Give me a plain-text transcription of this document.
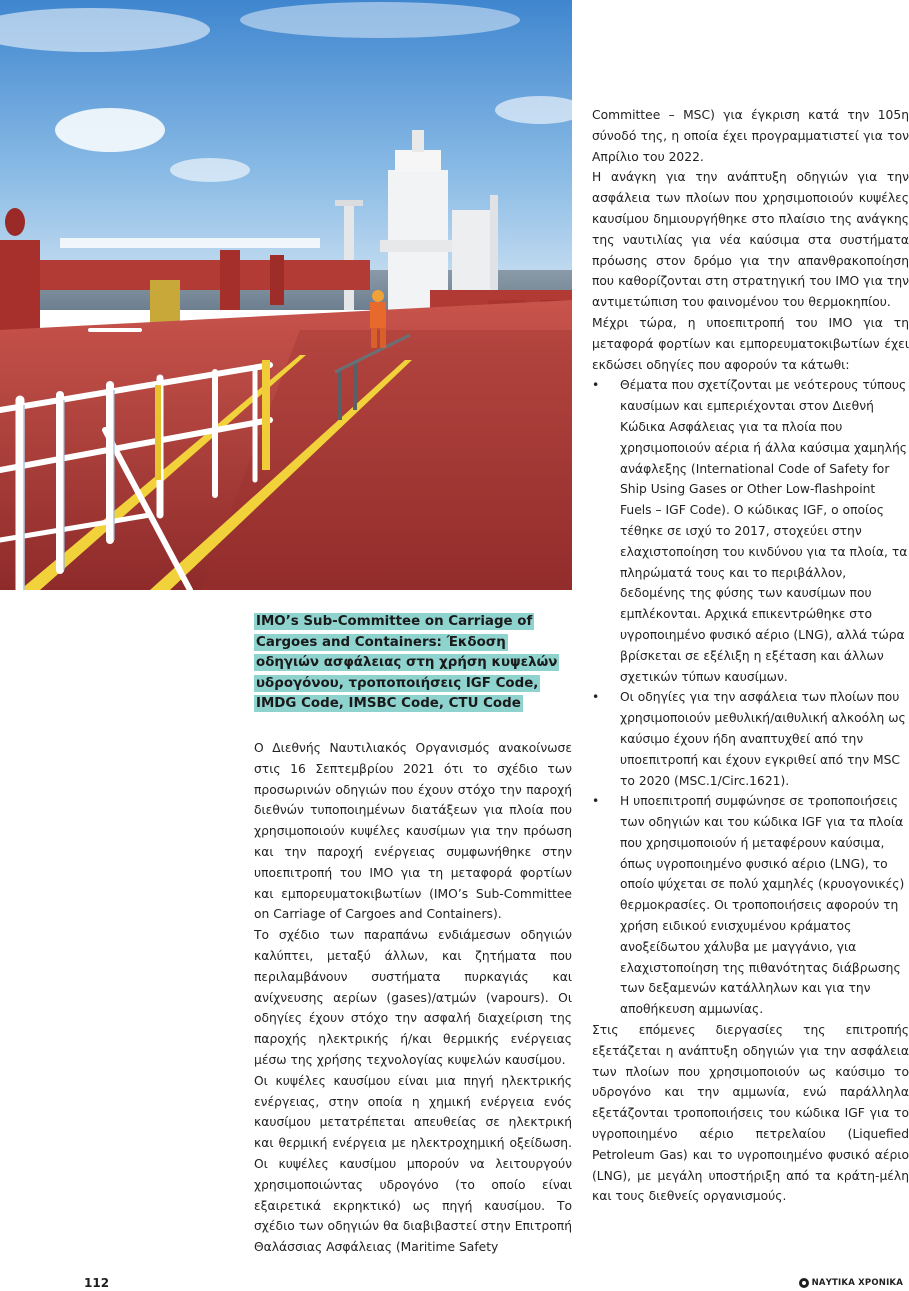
IMO’s Sub-Committee on Carriage of Cargoes and Containers: Έκδοση οδηγιών ασφάλειας στη χρήση κυψελών υδρογόνου, τροποποιήσεις IGF Code, IMDG Code, IMSBC Code, CTU Code

Ο Διεθνής Ναυτιλιακός Οργανισμός ανακοίνωσε στις 16 Σεπτεμβρίου 2021 ότι το σχέδιο των προσωρινών οδηγιών που έχουν στόχο την παροχή διεθνών τυποποιημένων διατάξεων για πλοία που χρησιμοποιούν κυψέλες καυσίμων για την πρόωση και την παροχή ενέργειας συμφωνήθηκε στην υποεπιτροπή του ΙΜΟ για τη μεταφορά φορτίων και εμπορευματοκιβωτίων (IMO’s Sub-Committee on Carriage of Cargoes and Containers).

Το σχέδιο των παραπάνω ενδιάμεσων οδηγιών καλύπτει, μεταξύ άλλων, και ζητήματα που περιλαμβάνουν συστήματα πυρκαγιάς και ανίχνευσης αερίων (gases)/ατμών (vapours). Οι οδηγίες έχουν στόχο την ασφαλή διαχείριση της παροχής ηλεκτρικής ή/και θερμικής ενέργειας μέσω της χρήσης τεχνολογίας κυψελών καυσίμου.

Οι κυψέλες καυσίμου είναι μια πηγή ηλεκτρικής ενέργειας, στην οποία η χημική ενέργεια ενός καυσίμου μετατρέπεται απευθείας σε ηλεκτρική και θερμική ενέργεια με ηλεκτροχημική οξείδωση. Οι κυψέλες καυσίμου μπορούν να λειτουργούν χρησιμοποιώντας υδρογόνο (το οποίο είναι εξαιρετικά εκρηκτικό) ως πηγή καυσίμου. Το σχέδιο των οδηγιών θα διαβιβαστεί στην Επιτροπή Θαλάσσιας Ασφάλειας (Maritime Safety

Committee – MSC) για έγκριση κατά την 105η σύνοδό της, η οποία έχει προγραμματιστεί για τον Απρίλιο του 2022.

Η ανάγκη για την ανάπτυξη οδηγιών για την ασφάλεια των πλοίων που χρησιμοποιούν κυψέλες καυσίμου δημιουργήθηκε στο πλαίσιο της ανάγκης της ναυτιλίας για νέα καύσιμα στα συστήματα πρόωσης στον δρόμο για την απανθρακοποίηση που καθορίζονται στη στρατηγική του ΙΜΟ για την αντιμετώπιση του φαινομένου του θερμοκηπίου.

Μέχρι τώρα, η υποεπιτροπή του ΙΜΟ για τη μεταφορά φορτίων και εμπορευματοκιβωτίων έχει εκδώσει οδηγίες που αφορούν τα κάτωθι:

• Θέματα που σχετίζονται με νεότερους τύπους καυσίμων και εμπεριέχονται στον Διεθνή Κώδικα Ασφάλειας για τα πλοία που χρησιμοποιούν αέρια ή άλλα καύσιμα χαμηλής ανάφλεξης (International Code of Safety for Ship Using Gases or Other Low-flashpoint Fuels – IGF Code). Ο κώδικας IGF, ο οποίος τέθηκε σε ισχύ το 2017, στοχεύει στην ελαχιστοποίηση του κινδύνου για τα πλοία, τα πληρώματά τους και το περιβάλλον, δεδομένης της φύσης των καυσίμων που εμπλέκονται. Αρχικά επικεντρώθηκε στο υγροποιημένο φυσικό αέριο (LNG), αλλά τώρα βρίσκεται σε εξέλιξη η εξέταση και άλλων σχετικών τύπων καυσίμων.
• Οι οδηγίες για την ασφάλεια των πλοίων που χρησιμοποιούν μεθυλική/αιθυλική αλκοόλη ως καύσιμο έχουν ήδη αναπτυχθεί από την υποεπιτροπή και έχουν εγκριθεί από την MSC το 2020 (MSC.1/Circ.1621).
• Η υποεπιτροπή συμφώνησε σε τροποποιήσεις των οδηγιών και του κώδικα IGF για τα πλοία που χρησιμοποιούν ή μεταφέρουν καύσιμα, όπως υγροποιημένο φυσικό αέριο (LNG), το οποίο ψύχεται σε πολύ χαμηλές (κρυογονικές) θερμοκρασίες. Οι τροποποιήσεις αφορούν τη χρήση ειδικού ενισχυμένου κράματος ανοξείδωτου χάλυβα με μαγγάνιο, για ελαχιστοποίηση της πιθανότητας διάβρωσης των δεξαμενών κατάλληλων και για την αποθήκευση αμμωνίας.

Στις επόμενες διεργασίες της επιτροπής εξετάζεται η ανάπτυξη οδηγιών για την ασφάλεια των πλοίων που χρησιμοποιούν ως καύσιμο το υδρογόνο και την αμμωνία, ενώ παράλληλα εξετάζονται τροποποιήσεις του κώδικα IGF για το υγροποιημένο αέριο πετρελαίου (Liquefied Petroleum Gas) και το υγροποιημένο φυσικό αέριο (LNG), με μεγάλη υποστήριξη από τα κράτη-μέλη και τους διεθνείς οργανισμούς.

112	ΝΑΥΤΙΚΑ ΧΡΟΝΙΚΑ
